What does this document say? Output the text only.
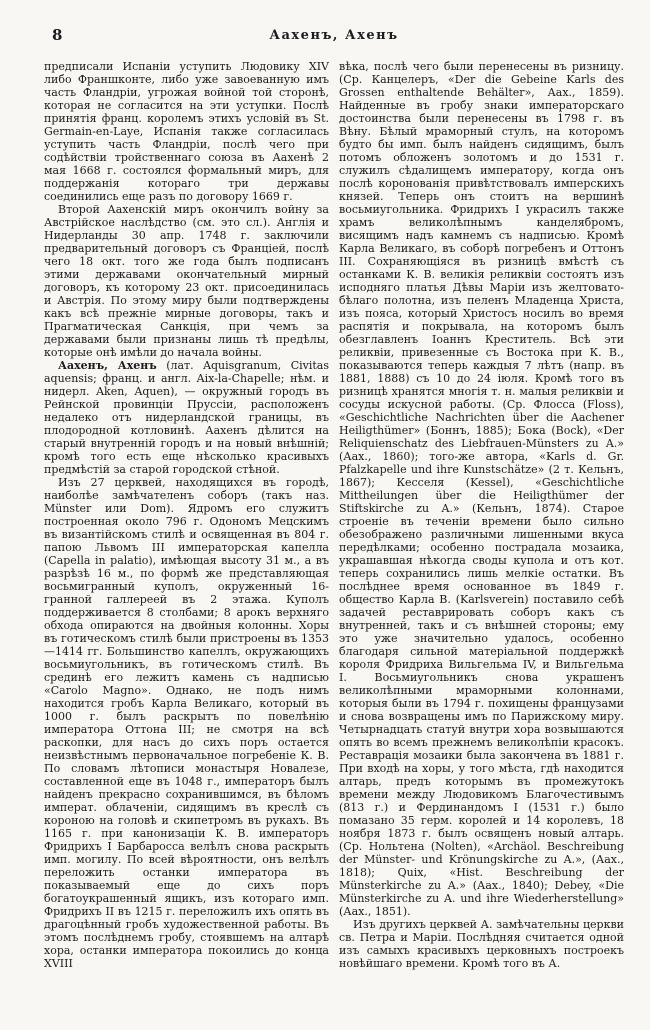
8	Аахенъ, Ахенъ

предписали Испаніи уступить Людовику XIV либо Франшконте, либо уже завоеванную имъ часть Фландріи, угрожая войной той сторонѣ, которая не согласится на эти уступки. Послѣ принятія франц. королемъ этихъ условій въ St. Germain-en-Laye, Испанія также согласилась уступить часть Фландріи, послѣ чего при содѣйствіи тройственнаго союза въ Аахенѣ 2 мая 1668 г. состоялся формальный миръ, для поддержанія котораго три державы соединились еще разъ по договору 1669 г.

Второй Аахенскій миръ окончилъ войну за Австрійское наслѣдство (см. это сл.). Англія и Нидерланды 30 апр. 1748 г. заключили предварительный договоръ съ Франціей, послѣ чего 18 окт. того же года былъ подписанъ этими державами окончательный мирный договоръ, къ которому 23 окт. присоединилась и Австрія. По этому миру были подтверждены какъ всѣ прежніе мирные договоры, такъ и Прагматическая Санкція, при чемъ за державами были признаны лишь тѣ предѣлы, которые онѣ имѣли до начала войны.

Аахенъ, Ахенъ (лат. Aquisgranum, Civitas aquensis; франц. и англ. Aix-la-Chapelle; нѣм. и нидерл. Aken, Aquen), — окружный городъ въ Рейнской провинціи Пруссіи, расположенъ недалеко отъ нидерландской границы, въ плодородной котловинѣ. Аахенъ дѣлится на старый внутренній городъ и на новый внѣшній; кромѣ того есть еще нѣсколько красивыхъ предмѣстій за старой городской стѣной.

Изъ 27 церквей, находящихся въ городѣ, наиболѣе замѣчателенъ соборъ (такъ наз. Münster или Dom). Ядромъ его служитъ построенная около 796 г. Одономъ Мецскимъ въ византійскомъ стилѣ и освященная въ 804 г. папою Львомъ III императорская капелла (Capella in palatio), имѣющая высоту 31 м., а въ разрѣзѣ 16 м., по формѣ же представляющая восьмигранный куполъ, окруженный 16-гранной галлереей въ 2 этажа. Куполъ поддерживается 8 столбами; 8 арокъ верхняго обхода опираются на двойныя колонны. Хоры въ готическомъ стилѣ были пристроены въ 1353—1414 гг. Большинство капеллъ, окружающихъ восьмиугольникъ, въ готическомъ стилѣ. Въ срединѣ его лежитъ камень съ надписью «Carolo Magno». Однако, не подъ нимъ находится гробъ Карла Великаго, который въ 1000 г. былъ раскрытъ по повелѣнію императора Оттона III; не смотря на всѣ раскопки, для насъ до сихъ поръ остается неизвѣстнымъ первоначальное погребеніе К. В. По словамъ лѣтописи монастыря Новалезе, составленной еще въ 1048 г., императоръ былъ найденъ прекрасно сохранившимся, въ бѣломъ императ. облаченіи, сидящимъ въ креслѣ съ короною на головѣ и скипетромъ въ рукахъ. Въ 1165 г. при канонизаціи К. В. императоръ Фридрихъ I Барбаросса велѣлъ снова раскрыть имп. могилу. По всей вѣроятности, онъ велѣлъ переложить останки императора въ показываемый еще до сихъ поръ богатоукрашенный ящикъ, изъ котораго имп. Фридрихъ II въ 1215 г. переложилъ ихъ опять въ драгоцѣнный гробъ художественной работы. Въ этомъ послѣднемъ гробу, стоявшемъ на алтарѣ хора, останки императора покоились до конца XVIII

вѣка, послѣ чего были перенесены въ ризницу. (Ср. Канцелеръ, «Der die Gebeine Karls des Grossen enthaltende Behälter», Аах., 1859). Найденные въ гробу знаки императорскаго достоинства были перенесены въ 1798 г. въ Вѣну. Бѣлый мраморный стулъ, на которомъ будто бы имп. былъ найденъ сидящимъ, былъ потомъ обложенъ золотомъ и до 1531 г. служилъ сѣдалищемъ императору, когда онъ послѣ коронованія привѣтствовалъ имперскихъ князей. Теперь онъ стоитъ на вершинѣ восьмиугольника. Фридрихъ I украсилъ также храмъ великолѣпнымъ канделябромъ, висящимъ надъ камнемъ съ надписью. Кромѣ Карла Великаго, въ соборѣ погребенъ и Оттонъ III. Сохраняющіяся въ ризницѣ вмѣстѣ съ останками К. В. великія реликвіи состоятъ изъ исподняго платья Дѣвы Маріи изъ желтовато-бѣлаго полотна, изъ пеленъ Младенца Христа, изъ пояса, который Христосъ носилъ во время распятія и покрывала, на которомъ былъ обезглавленъ Іоаннъ Креститель. Всѣ эти реликвіи, привезенные съ Востока при К. В., показываются теперь каждыя 7 лѣтъ (напр. въ 1881, 1888) съ 10 до 24 іюля. Кромѣ того въ ризницѣ хранятся многія т. н. малыя реликвіи и сосуды искусной работы. (Ср. Флосса (Floss), «Geschichtliche Nachrichten über die Aachener Heiligthümer» (Боннъ, 1885); Бока (Bock), «Der Reliquienschatz des Liebfrauen-Münsters zu A.» (Аах., 1860); того-же автора, «Karls d. Gr. Pfalzkapelle und ihre Kunstschätze» (2 т. Кельнъ, 1867); Кесселя (Kessel), «Geschichtliche Mittheilungen über die Heiligthümer der Stiftskirche zu A.» (Кельнъ, 1874). Старое строеніе въ теченіи времени было сильно обезображено различными лишенными вкуса передѣлками; особенно пострадала мозаика, украшавшая нѣкогда своды купола и отъ кот. теперь сохранились лишь мелкіе остатки. Въ послѣднее время основанное въ 1849 г. общество Карла В. (Karlsverein) поставило себѣ задачей реставрировать соборъ какъ съ внутренней, такъ и съ внѣшней стороны; ему это уже значительно удалось, особенно благодаря сильной матеріальной поддержкѣ короля Фридриха Вильгельма IV, и Вильгельма I. Восьмиугольникъ снова украшенъ великолѣпными мраморными колоннами, которыя были въ 1794 г. похищены французами и снова возвращены имъ по Парижскому миру. Четырнадцать статуй внутри хора возвышаются опять во всемъ прежнемъ великолѣпіи красокъ. Реставрація мозаики была закончена въ 1881 г. При входѣ на хоры, у того мѣста, гдѣ находится алтарь, предъ которымъ въ промежутокъ времени между Людовикомъ Благочестивымъ (813 г.) и Фердинандомъ I (1531 г.) было помазано 35 герм. королей и 14 королевъ, 18 ноября 1873 г. былъ освященъ новый алтарь. (Ср. Нольтена (Nolten), «Archäol. Beschreibung der Münster- und Krönungskirche zu A.», (Аах., 1818); Quix, «Hist. Beschreibung der Münsterkirche zu A.» (Аах., 1840); Debey, «Die Münsterkirche zu A. und ihre Wiederherstellung» (Аах., 1851).

Изъ другихъ церквей А. замѣчательны церкви св. Петра и Маріи. Послѣдняя считается одной изъ самыхъ красивыхъ церковныхъ построекъ новѣйшаго времени. Кромѣ того въ А.
